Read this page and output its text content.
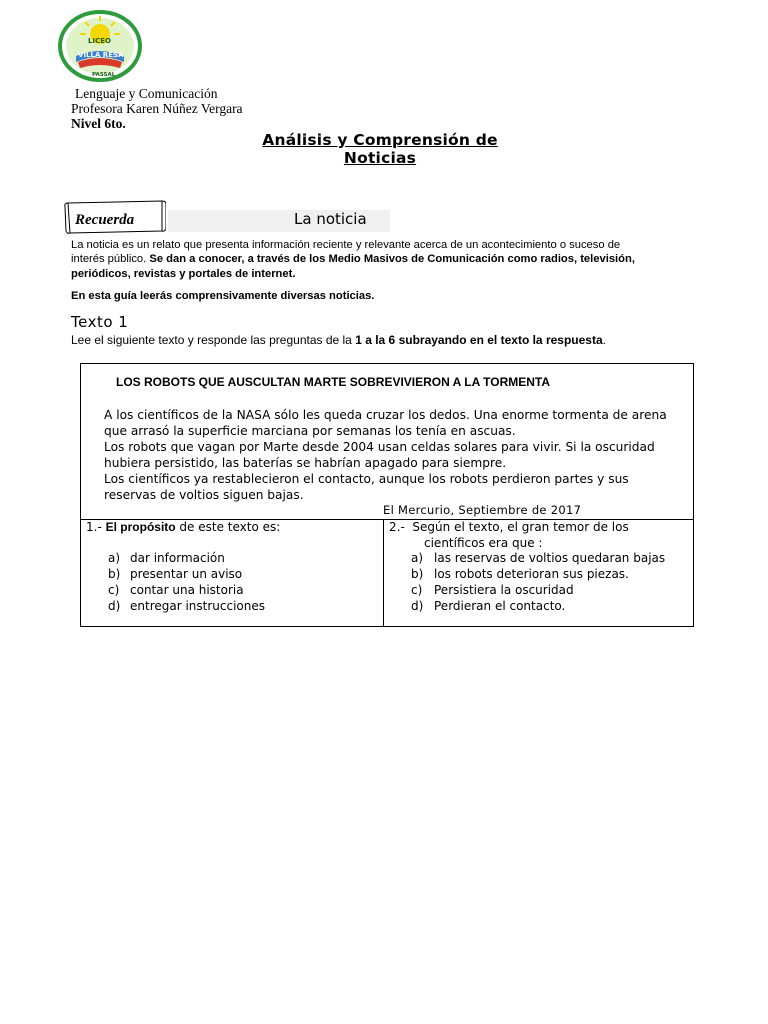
LICEO
VILLA RESA
PASSAL
Lenguaje y Comunicación
Profesora Karen Núñez Vergara
Nivel 6to.
Análisis y Comprensión de
Noticias
Recuerda	La noticia
La noticia es un relato que presenta información reciente y relevante acerca de un acontecimiento o suceso de
interés público. Se dan a conocer, a través de los Medio Masivos de Comunicación como radios, televisión,
periódicos, revistas y portales de internet.
En esta guía leerás comprensivamente diversas noticias.
Texto 1
Lee el siguiente texto y responde las preguntas de la 1 a la 6 subrayando en el texto la respuesta.
LOS ROBOTS QUE AUSCULTAN MARTE SOBREVIVIERON A LA TORMENTA
A los científicos de la NASA sólo les queda cruzar los dedos. Una enorme tormenta de arena
que arrasó la superficie marciana por semanas los tenía en ascuas.
Los robots que vagan por Marte desde 2004 usan celdas solares para vivir. Si la oscuridad
hubiera persistido, las baterías se habrían apagado para siempre.
Los científicos ya restablecieron el contacto, aunque los robots perdieron partes y sus
reservas de voltios siguen bajas.
El Mercurio, Septiembre de 2017
1.- El propósito de este texto es:
a) dar información
b) presentar un aviso
c) contar una historia
d) entregar instrucciones
2.- Según el texto, el gran temor de los
científicos era que :
a) las reservas de voltios quedaran bajas
b) los robots deterioran sus piezas.
c) Persistiera la oscuridad
d) Perdieran el contacto.
